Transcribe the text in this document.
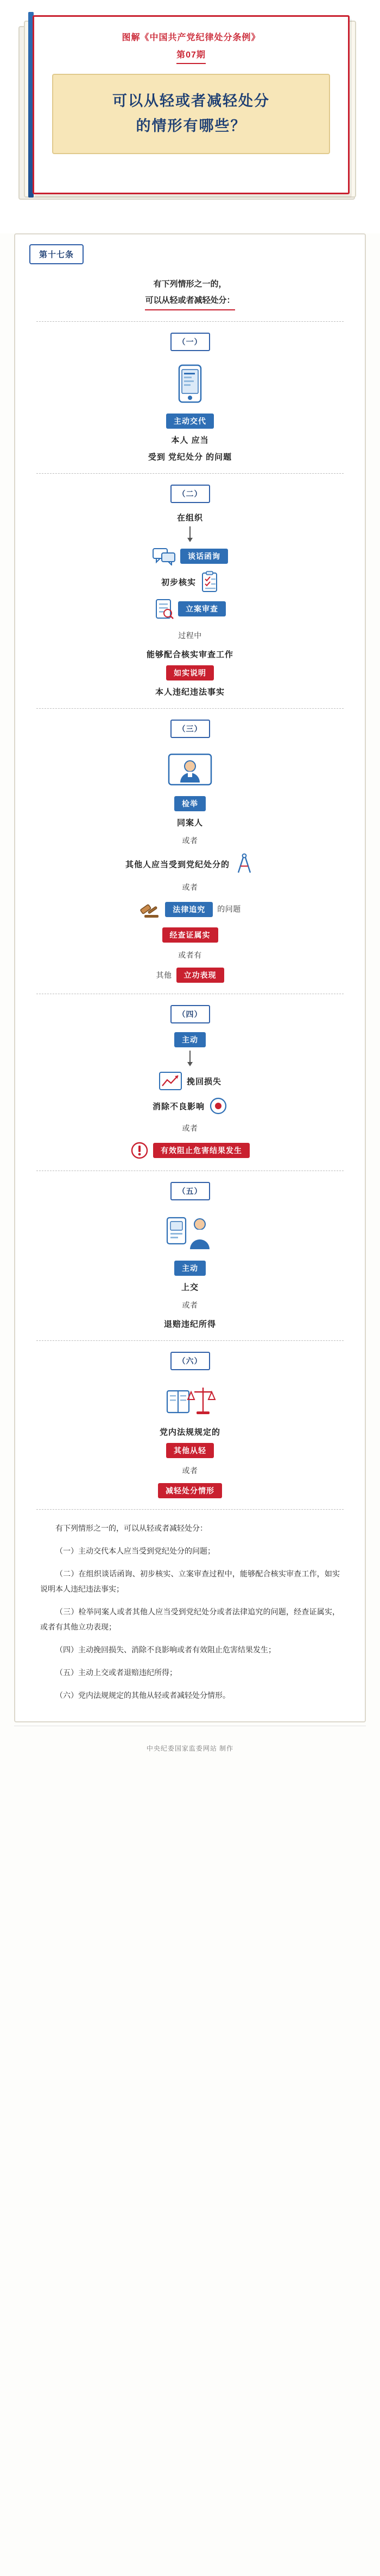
图解《中国共产党纪律处分条例》
第07期
可以从轻或者减轻处分
的情形有哪些？
第十七条
有下列情形之一的，
可以从轻或者减轻处分：
（一）
主动交代
本人 应当
受到 党纪处分 的问题
（二）
在组织
谈话函询
初步核实
立案审查
过程中
能够配合核实审查工作
如实说明
本人违纪违法事实
（三）
检举
同案人
或者
其他人应当受到党纪处分的
或者
法律追究	的问题
经查证属实
或者有
其他	立功表现
（四）
主动
挽回损失
消除不良影响
或者
有效阻止危害结果发生
（五）
主动
上交
或者
退赔违纪所得
（六）
党内法规规定的
其他从轻
或者
减轻处分情形
有下列情形之一的，可以从轻或者减轻处分：

（一）主动交代本人应当受到党纪处分的问题；

（二）在组织谈话函询、初步核实、立案审查过程中，能够配合核实审查工作，如实说明本人违纪违法事实；

（三）检举同案人或者其他人应当受到党纪处分或者法律追究的问题，经查证属实，或者有其他立功表现；

（四）主动挽回损失、消除不良影响或者有效阻止危害结果发生；

（五）主动上交或者退赔违纪所得；

（六）党内法规规定的其他从轻或者减轻处分情形。

中央纪委国家监委网站 制作
